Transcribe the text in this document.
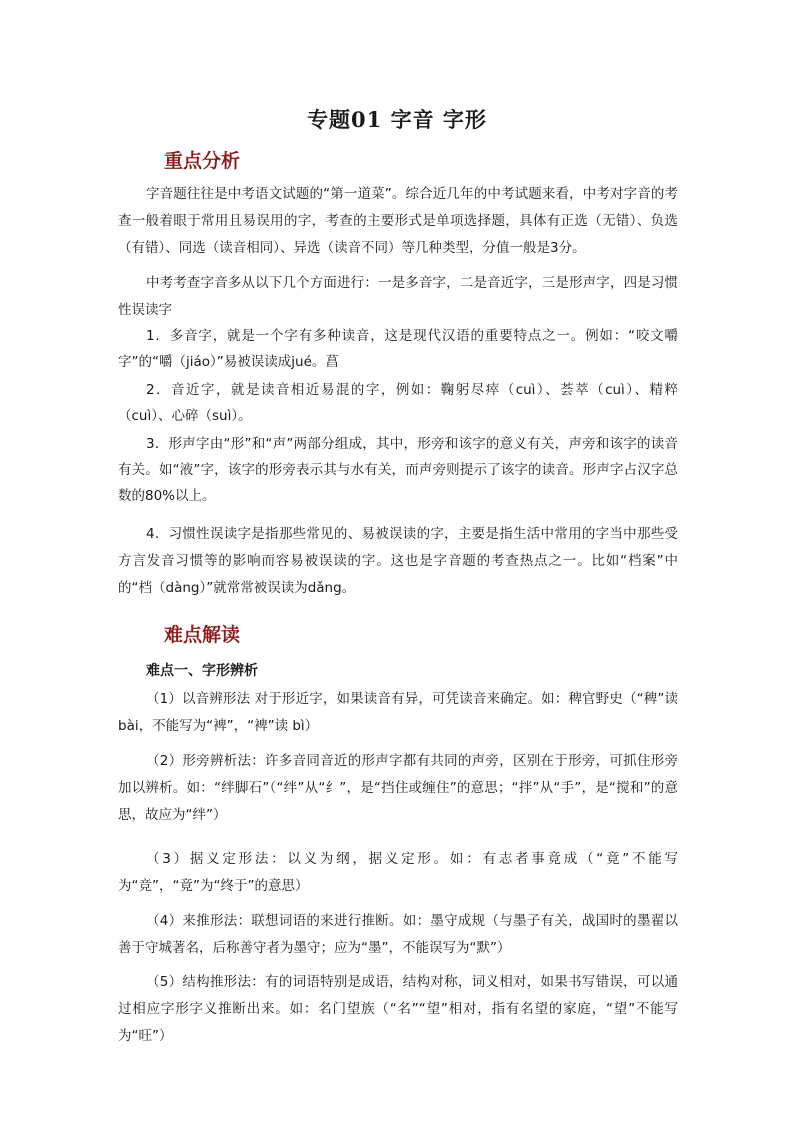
专题01 字音 字形
重点分析

字音题往往是中考语文试题的“第一道菜”。综合近几年的中考试题来看，中考对字音的考查一般着眼于常用且易误用的字，考查的主要形式是单项选择题，具体有正选（无错）、负选（有错）、同选（读音相同）、异选（读音不同）等几种类型，分值一般是3分。

中考考查字音多从以下几个方面进行：一是多音字，二是音近字，三是形声字，四是习惯性误读字

1．多音字，就是一个字有多种读音，这是现代汉语的重要特点之一。例如：“咬文嚼字”的“嚼（jiáo）”易被误读成jué。菖

2．音近字，就是读音相近易混的字，例如：鞠躬尽瘁（cuì）、荟萃（cuì）、精粹（cuì）、心碎（suì）。

3．形声字由“形”和“声”两部分组成，其中，形旁和该字的意义有关，声旁和该字的读音有关。如“液”字，该字的形旁表示其与水有关，而声旁则提示了该字的读音。形声字占汉字总数的80%以上。

4．习惯性误读字是指那些常见的、易被误读的字，主要是指生活中常用的字当中那些受方言发音习惯等的影响而容易被误读的字。这也是字音题的考查热点之一。比如“档案”中的“档（dàng）”就常常被误读为dǎng。

难点解读
难点一、字形辨析

（1）以音辨形法 对于形近字，如果读音有异，可凭读音来确定。如：稗官野史（“稗”读 bài，不能写为“裨”，“裨”读 bì）

（2）形旁辨析法：许多音同音近的形声字都有共同的声旁，区别在于形旁，可抓住形旁加以辨析。如：“绊脚石”（“绊”从“纟”，是“挡住或缠住”的意思；“拌”从“手”，是“搅和”的意思，故应为“绊”）

（3）据义定形法：以义为纲，据义定形。如：有志者事竟成（“竟”不能写为“竞”，“竟”为“终于”的意思）

（4）来推形法：联想词语的来进行推断。如：墨守成规（与墨子有关，战国时的墨翟以善于守城著名，后称善守者为墨守；应为“墨”，不能误写为“默”）

（5）结构推形法：有的词语特别是成语，结构对称，词义相对，如果书写错误，可以通过相应字形字义推断出来。如：名门望族（“名”“望”相对，指有名望的家庭，“望”不能写为“旺”）
